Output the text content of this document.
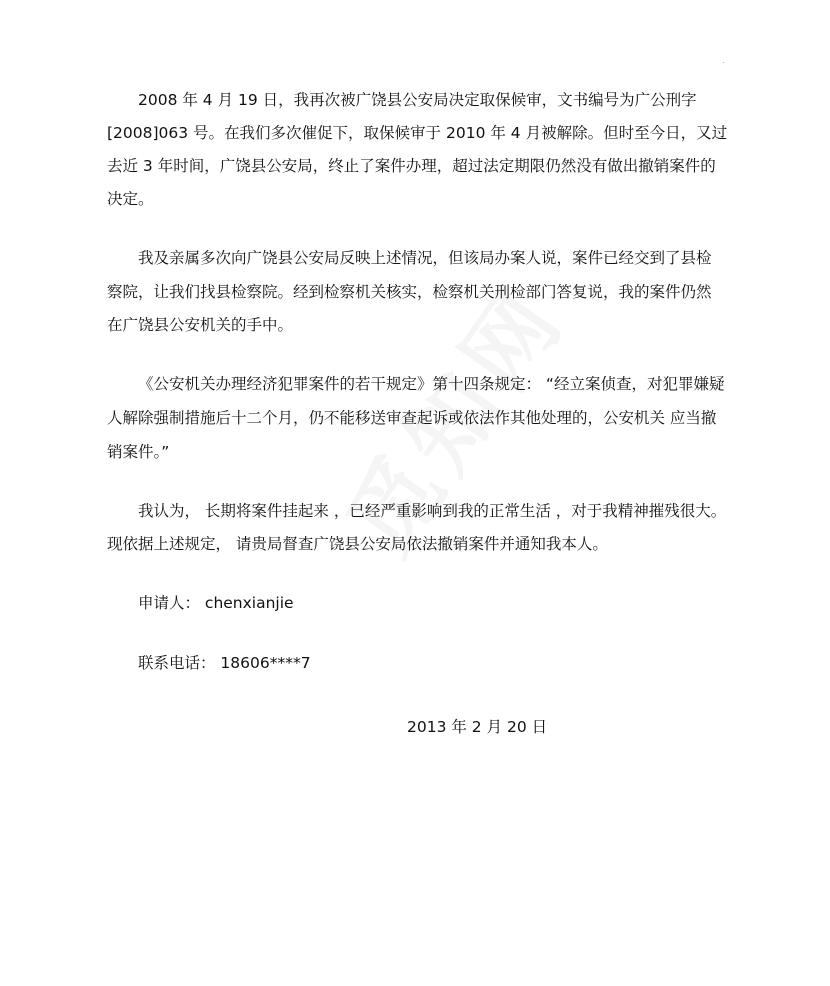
.
2008 年 4 月 19 日，我再次被广饶县公安局决定取保候审，文书编号为广公刑字
[2008]063 号。在我们多次催促下，取保候审于 2010 年 4 月被解除。但时至今日，又过
去近 3 年时间，广饶县公安局，终止了案件办理，超过法定期限仍然没有做出撤销案件的
决定。
我及亲属多次向广饶县公安局反映上述情况，但该局办案人说，案件已经交到了县检
察院，让我们找县检察院。经到检察机关核实，检察机关刑检部门答复说，我的案件仍然
在广饶县公安机关的手中。
《公安机关办理经济犯罪案件的若干规定》第十四条规定： “经立案侦查，对犯罪嫌疑
人解除强制措施后十二个月，仍不能移送审查起诉或依法作其他处理的，公安机关 应当撤
销案件。”
我认为， 长期将案件挂起来 ，已经严重影响到我的正常生活 ，对于我精神摧残很大。
现依据上述规定， 请贵局督查广饶县公安局依法撤销案件并通知我本人。
申请人： chenxianjie
联系电话： 18606****7
2013 年 2 月 20 日
